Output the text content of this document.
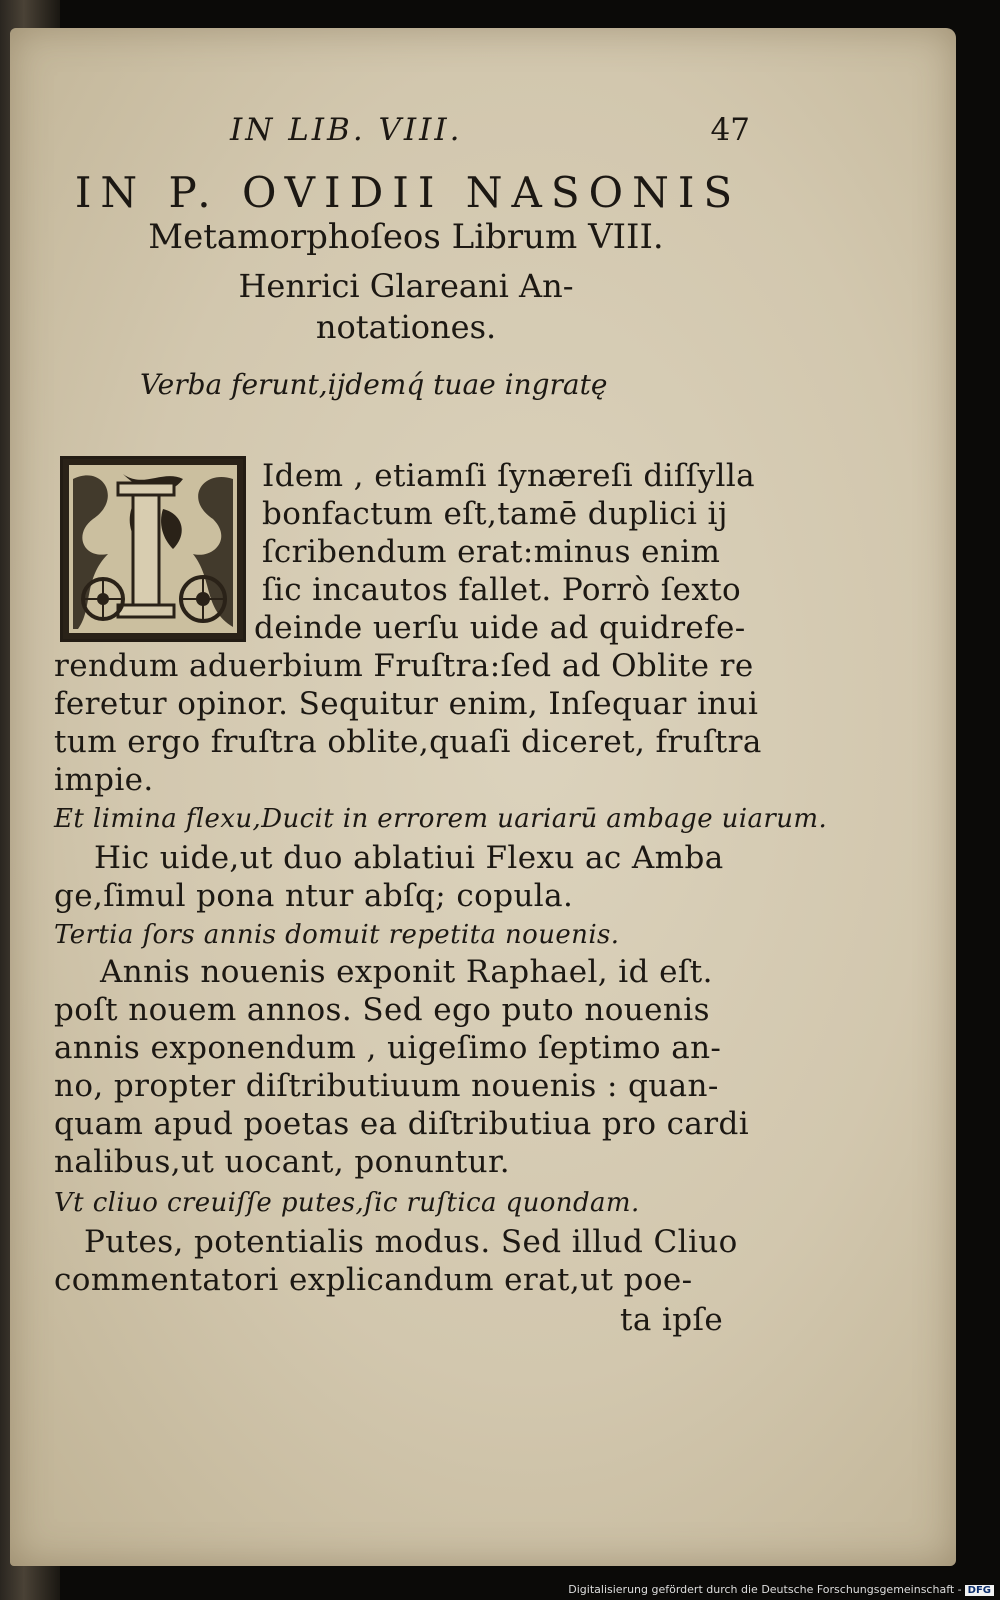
IN LIB. VIII.	47
IN P. OVIDII NASONIS
Metamorphoſeos Librum VIII.
Henrici Glareani An-
notationes.
Verba ferunt,ijdemq́ tuae ingratę
Idem , etiamſi ſynæreſi diſſylla
bonfactum eſt,tamē duplici ij
ſcribendum erat:minus enim
ſic incautos fallet. Porrò ſexto
deinde uerſu uide ad quidrefe-
rendum aduerbium Fruſtra:ſed ad Oblite re
feretur opinor. Sequitur enim, Inſequar inui
tum ergo fruſtra oblite,quaſi diceret, fruſtra
impie.
Et limina flexu,Ducit in errorem uariarū ambage uiarum.
Hic uide,ut duo ablatiui Flexu ac Amba
ge,ſimul pona ntur abſq; copula.
Tertia ſors annis domuit repetita nouenis.
Annis nouenis exponit Raphael, id eſt.
poſt nouem annos. Sed ego puto nouenis
annis exponendum , uigeſimo ſeptimo an-
no, propter diſtributiuum nouenis : quan-
quam apud poetas ea diſtributiua pro cardi
nalibus,ut uocant, ponuntur.
Vt cliuo creuiſſe putes,ſic ruſtica quondam.
Putes, potentialis modus. Sed illud Cliuo
commentatori explicandum erat,ut poe-
ta ipſe
Digitalisierung gefördert durch die Deutsche Forschungsgemeinschaft - DFG
